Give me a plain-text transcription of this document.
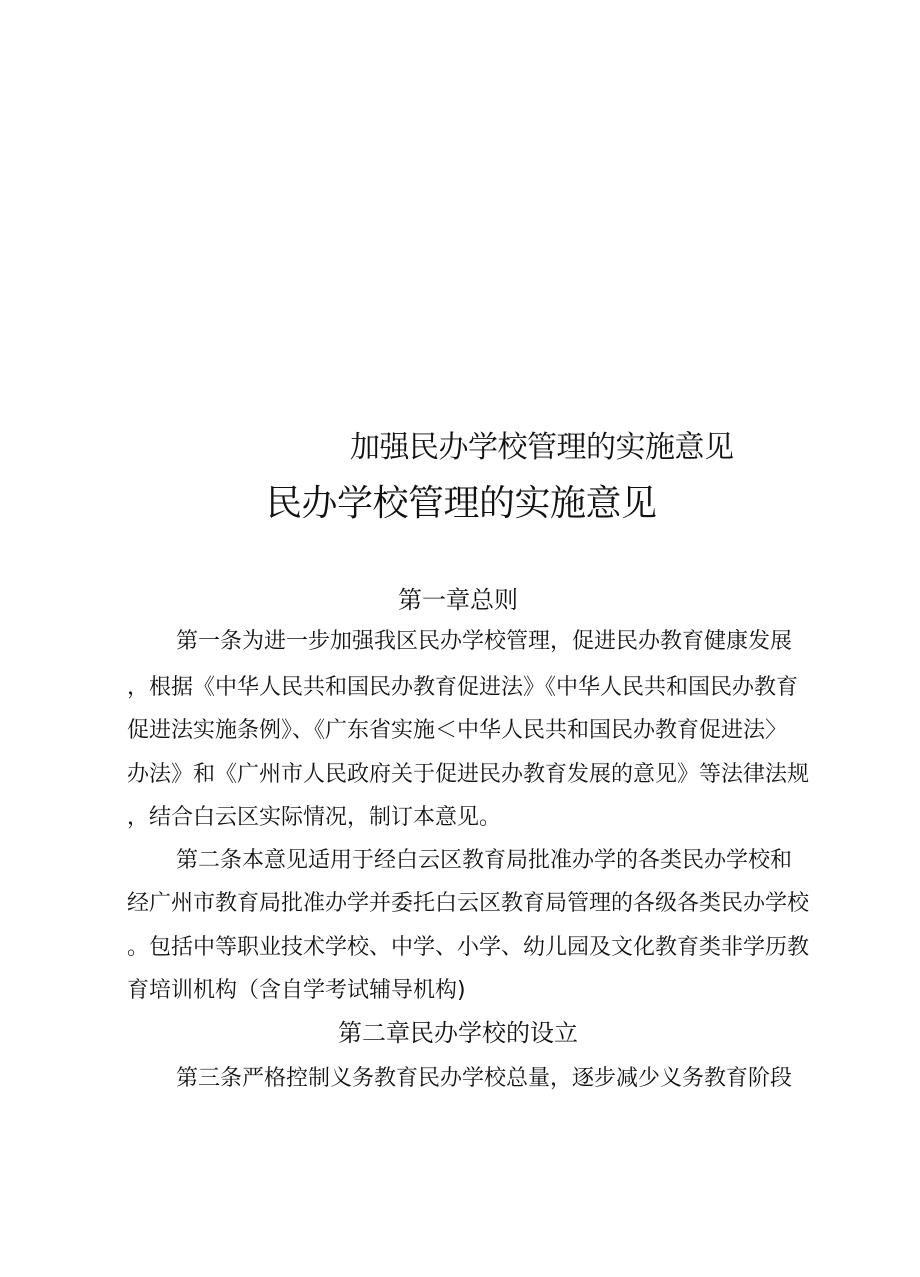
加强民办学校管理的实施意见
民办学校管理的实施意见
第一章总则
第一条为进一步加强我区民办学校管理，促进民办教育健康发展
，根据《中华人民共和国民办教育促进法》《中华人民共和国民办教育
促进法实施条例》、《广东省实施＜中华人民共和国民办教育促进法〉
办法》和《广州市人民政府关于促进民办教育发展的意见》等法律法规
，结合白云区实际情况，制订本意见。
第二条本意见适用于经白云区教育局批准办学的各类民办学校和
经广州市教育局批准办学并委托白云区教育局管理的各级各类民办学校
。包括中等职业技术学校、中学、小学、幼儿园及文化教育类非学历教
育培训机构（含自学考试辅导机构)
第二章民办学校的设立
第三条严格控制义务教育民办学校总量，逐步减少义务教育阶段
